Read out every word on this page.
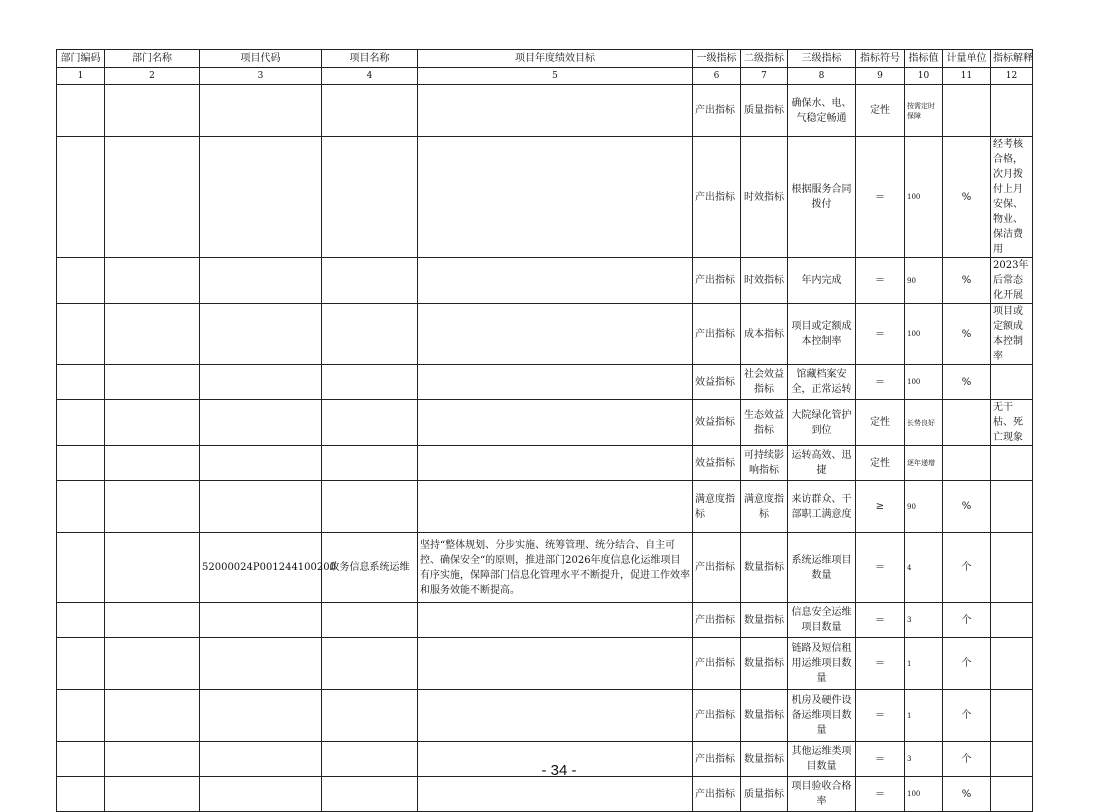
部门编码	部门名称	项目代码	项目名称	项目年度绩效目标	一级指标	二级指标	三级指标	指标符号	指标值	计量单位	指标解释
1	2	3	4	5	6	7	8	9	10	11	12
					产出指标	质量指标	确保水、电、气稳定畅通	定性	按需定时保障		
					产出指标	时效指标	根据服务合同拨付	＝	100	%	经考核合格，次月拨付上月安保、物业、保洁费用
					产出指标	时效指标	年内完成	＝	90	%	2023年后常态化开展
					产出指标	成本指标	项目或定额成本控制率	＝	100	%	项目或定额成本控制率
					效益指标	社会效益指标	馆藏档案安全，正常运转	＝	100	%	
					效益指标	生态效益指标	大院绿化管护到位	定性	长势良好		无干枯、死亡现象
					效益指标	可持续影响指标	运转高效、迅捷	定性	逐年递增		
					满意度指标	满意度指标	来访群众、干部职工满意度	≥	90	%	
		52000024P001244100200	政务信息系统运维	坚持“整体规划、分步实施、统筹管理、统分结合、自主可控、确保安全“的原则，推进部门2026年度信息化运维项目有序实施，保障部门信息化管理水平不断提升，促进工作效率和服务效能不断提高。	产出指标	数量指标	系统运维项目数量	＝	4	个	
					产出指标	数量指标	信息安全运维项目数量	＝	3	个	
					产出指标	数量指标	链路及短信租用运维项目数量	＝	1	个	
					产出指标	数量指标	机房及硬件设备运维项目数量	＝	1	个	
					产出指标	数量指标	其他运维类项目数量	＝	3	个	
					产出指标	质量指标	项目验收合格率	＝	100	%	
- 34 -
